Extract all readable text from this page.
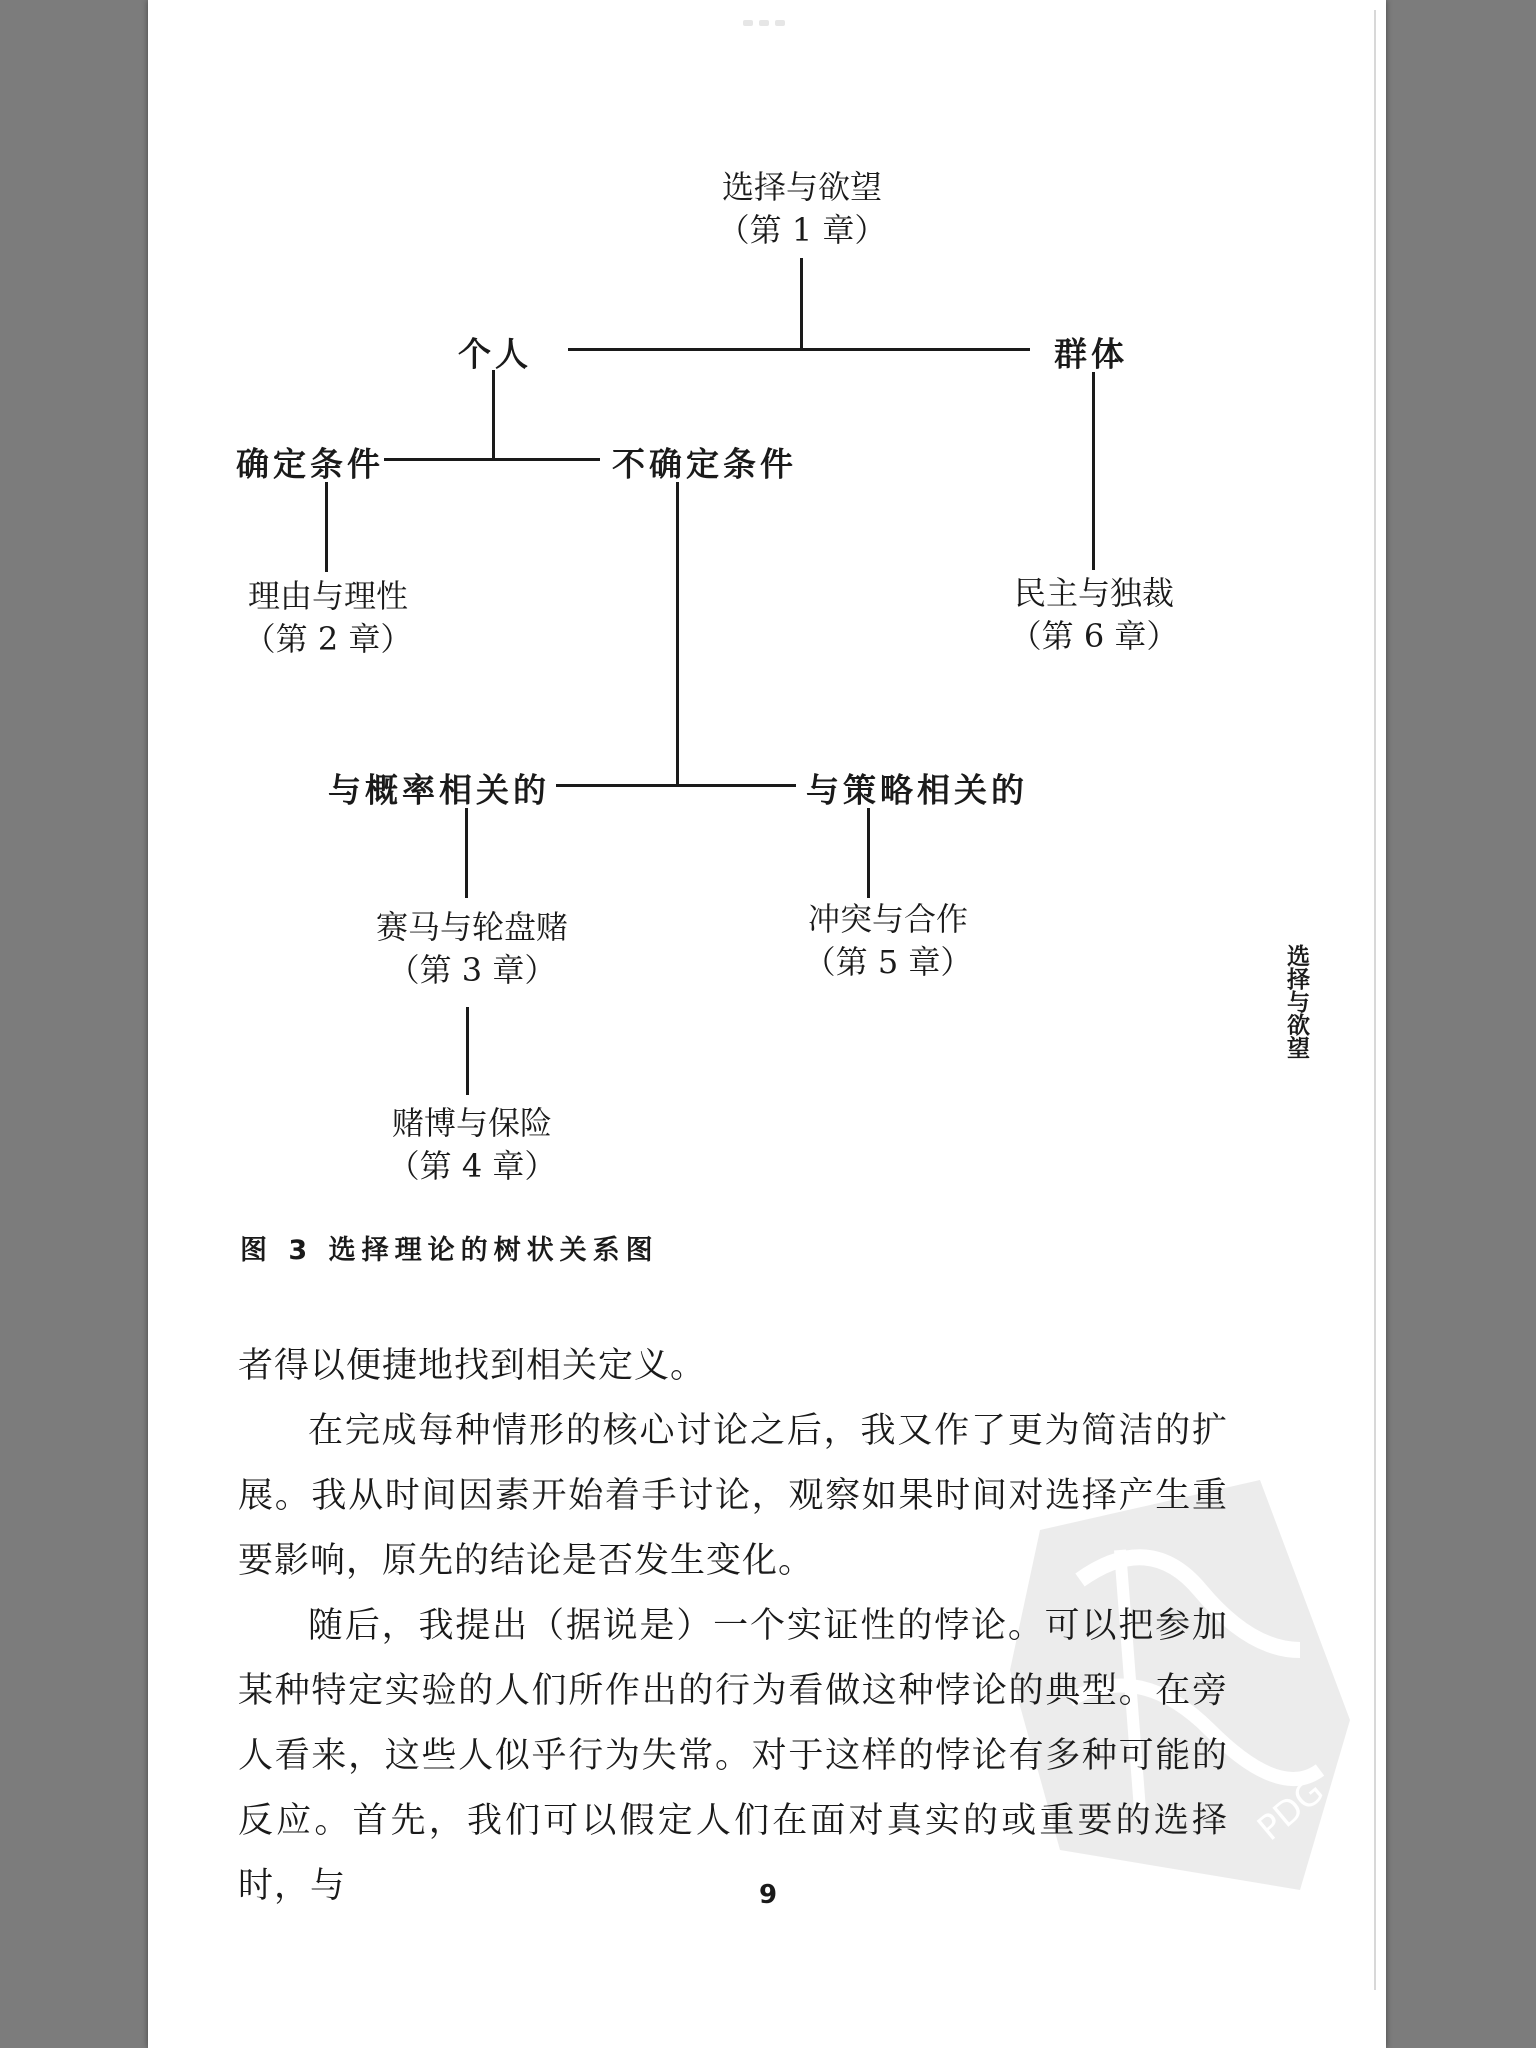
选择与欲望
（第 1 章）
个人	群体
确定条件	不确定条件
理由与理性
（第 2 章）
民主与独裁
（第 6 章）
与概率相关的	与策略相关的
赛马与轮盘赌
（第 3 章）
冲突与合作
（第 5 章）
赌博与保险
（第 4 章）
图 3 选择理论的树状关系图
选择与欲望
PDG

者得以便捷地找到相关定义。

在完成每种情形的核心讨论之后，我又作了更为简洁的扩展。我从时间因素开始着手讨论，观察如果时间对选择产生重要影响，原先的结论是否发生变化。

随后，我提出（据说是）一个实证性的悖论。可以把参加某种特定实验的人们所作出的行为看做这种悖论的典型。在旁人看来，这些人似乎行为失常。对于这样的悖论有多种可能的反应。首先，我们可以假定人们在面对真实的或重要的选择时，与	9
